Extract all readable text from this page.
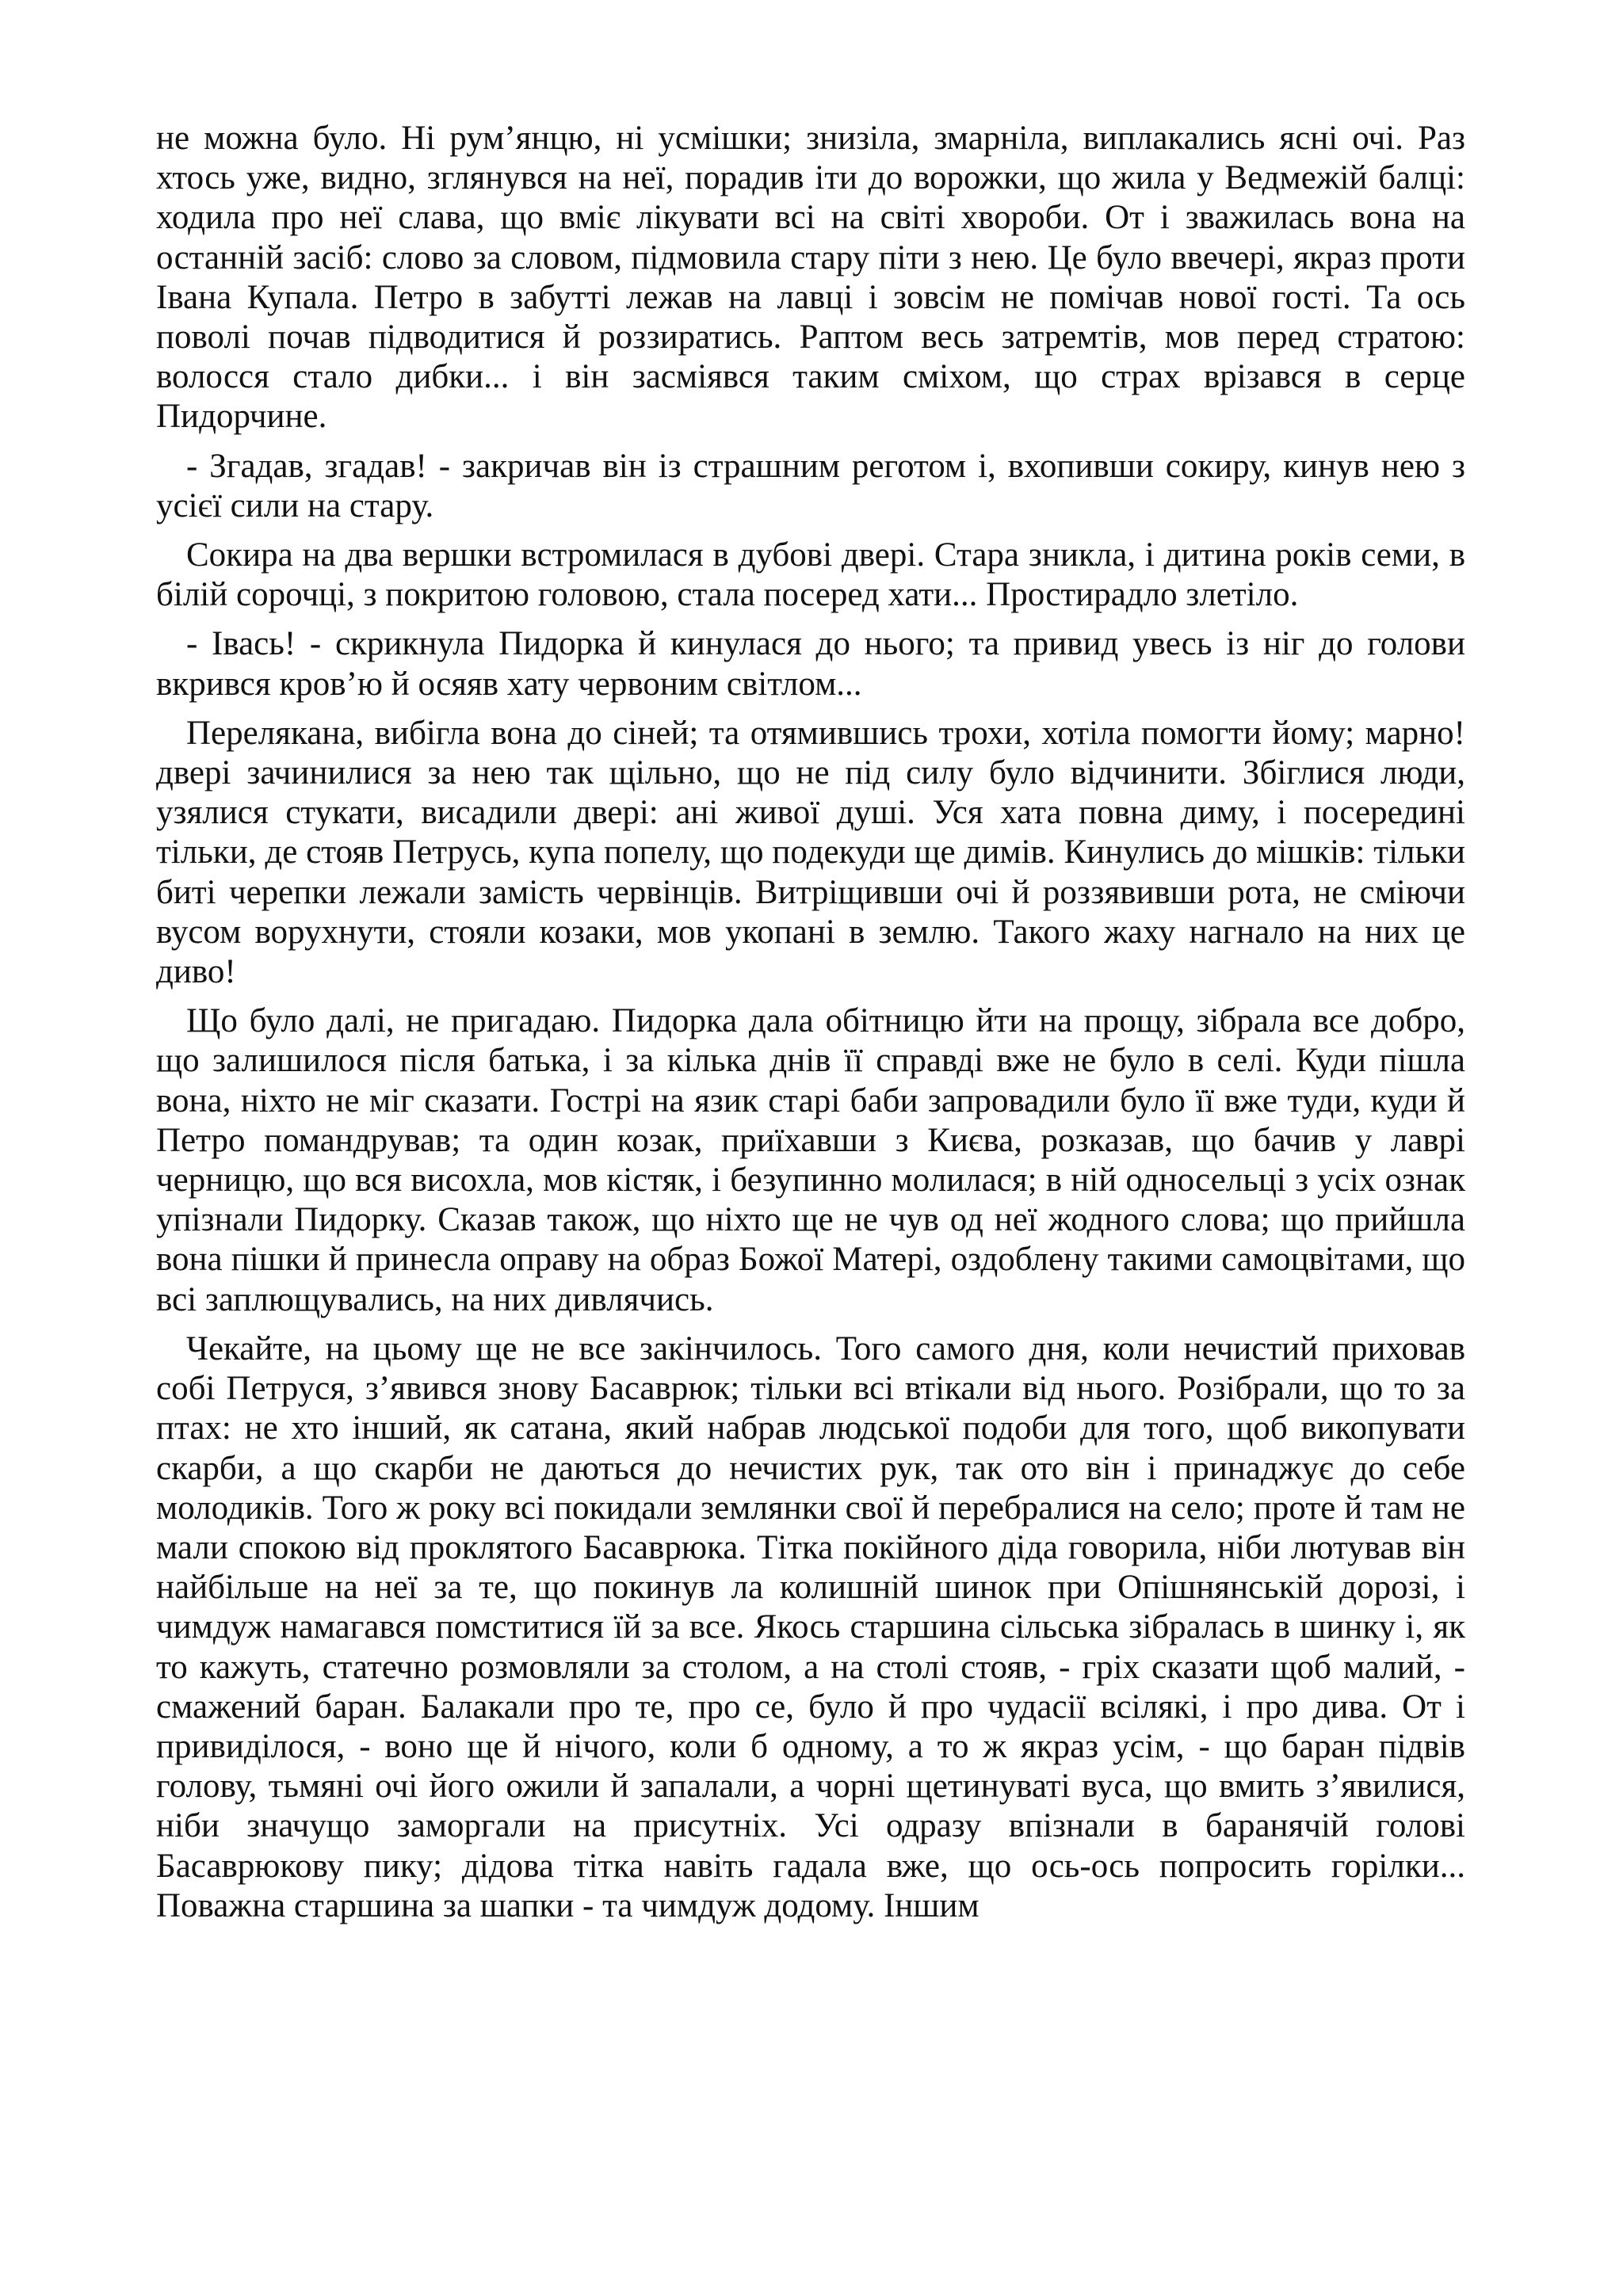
не можна було. Ні рум’янцю, ні усмішки; знизіла, змарніла, виплакались ясні очі. Раз хтось уже, видно, зглянувся на неї, порадив іти до ворожки, що жила у Ведмежій балці: ходила про неї слава, що вміє лікувати всі на світі хвороби. От і зважилась вона на останній засіб: слово за словом, підмовила стару піти з нею. Це було ввечері, якраз проти Івана Купала. Петро в забутті лежав на лавці і зовсім не помічав нової гості. Та ось поволі почав підводитися й роззиратись. Раптом весь затремтів, мов перед стратою: волосся стало дибки... і він засміявся таким сміхом, що страх врізався в серце Пидорчине.

- Згадав, згадав! - закричав він із страшним реготом і, вхопивши сокиру, кинув нею з усієї сили на стару.

Сокира на два вершки встромилася в дубові двері. Стара зникла, і дитина років семи, в білій сорочці, з покритою головою, стала посеред хати... Простирадло злетіло.

- Івась! - скрикнула Пидорка й кинулася до нього; та привид увесь із ніг до голови вкрився кров’ю й осяяв хату червоним світлом...

Перелякана, вибігла вона до сіней; та отямившись трохи, хотіла помогти йому; марно! двері зачинилися за нею так щільно, що не під силу було відчинити. Збіглися люди, узялися стукати, висадили двері: ані живої душі. Уся хата повна диму, і посередині тільки, де стояв Петрусь, купа попелу, що подекуди ще димів. Кинулись до мішків: тільки биті черепки лежали замість червінців. Витріщивши очі й роззявивши рота, не сміючи вусом ворухнути, стояли козаки, мов укопані в землю. Такого жаху нагнало на них це диво!

Що було далі, не пригадаю. Пидорка дала обітницю йти на прощу, зібрала все добро, що залишилося після батька, і за кілька днів її справді вже не було в селі. Куди пішла вона, ніхто не міг сказати. Гострі на язик старі баби запровадили було її вже туди, куди й Петро помандрував; та один козак, приїхавши з Києва, розказав, що бачив у лаврі черницю, що вся висохла, мов кістяк, і безупинно молилася; в ній односельці з усіх ознак упізнали Пидорку. Сказав також, що ніхто ще не чув од неї жодного слова; що прийшла вона пішки й принесла оправу на образ Божої Матері, оздоблену такими самоцвітами, що всі заплющувались, на них дивлячись.

Чекайте, на цьому ще не все закінчилось. Того самого дня, коли нечистий приховав собі Петруся, з’явився знову Басаврюк; тільки всі втікали від нього. Розібрали, що то за птах: не хто інший, як сатана, який набрав людської подоби для того, щоб викопувати скарби, а що скарби не даються до нечистих рук, так ото він і принаджує до себе молодиків. Того ж року всі покидали землянки свої й перебралися на село; проте й там не мали спокою від проклятого Басаврюка. Тітка покійного діда говорила, ніби лютував він найбільше на неї за те, що покинув ла колишній шинок при Опішнянській дорозі, і чимдуж намагався помститися їй за все. Якось старшина сільська зібралась в шинку і, як то кажуть, статечно розмовляли за столом, а на столі стояв, - гріх сказати щоб малий, - смажений баран. Балакали про те, про се, було й про чудасії всілякі, і про дива. От і привиділося, - воно ще й нічого, коли б одному, а то ж якраз усім, - що баран підвів голову, тьмяні очі його ожили й запалали, а чорні щетинуваті вуса, що вмить з’явилися, ніби значущо заморгали на присутніх. Усі одразу впізнали в баранячій голові Басаврюкову пику; дідова тітка навіть гадала вже, що ось-ось попросить горілки... Поважна старшина за шапки - та чимдуж додому. Іншим
